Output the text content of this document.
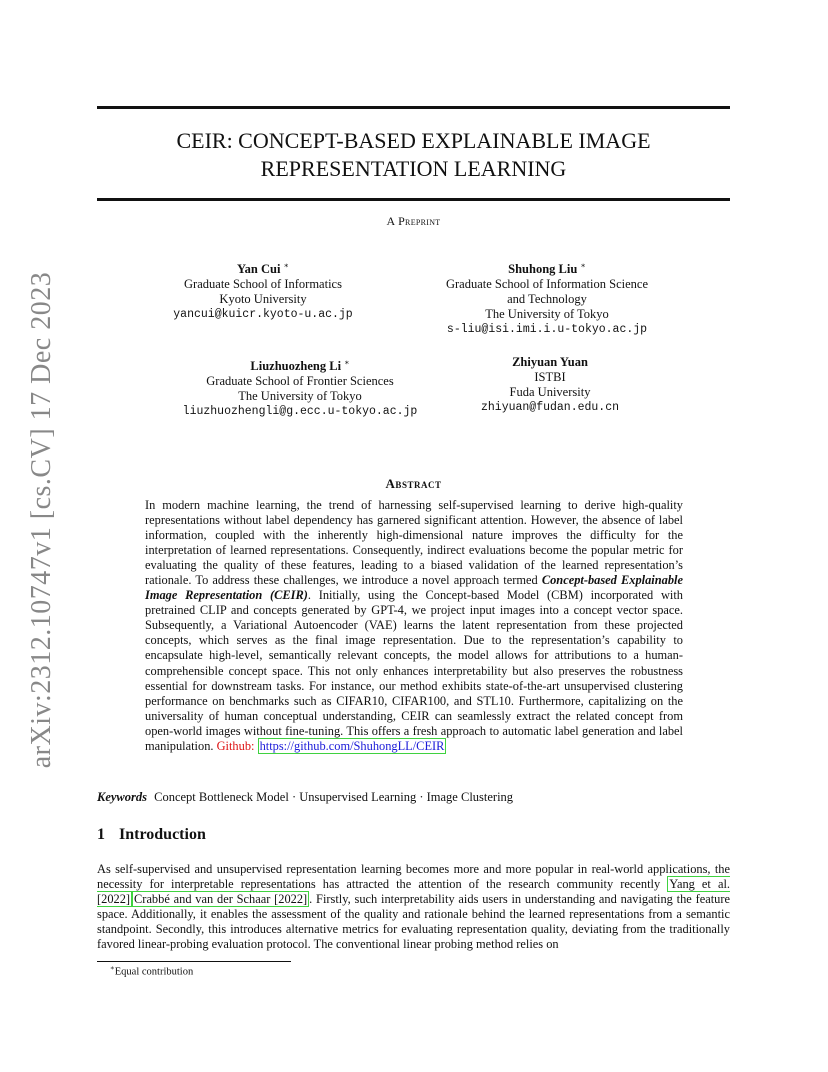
arXiv:2312.10747v1 [cs.CV] 17 Dec 2023
CEIR: CONCEPT-BASED EXPLAINABLE IMAGE
REPRESENTATION LEARNING
A Preprint
Yan Cui ∗
Graduate School of Informatics
Kyoto University
yancui@kuicr.kyoto-u.ac.jp
Shuhong Liu ∗
Graduate School of Information Science
and Technology
The University of Tokyo
s-liu@isi.imi.i.u-tokyo.ac.jp
Liuzhuozheng Li ∗
Graduate School of Frontier Sciences
The University of Tokyo
liuzhuozhengli@g.ecc.u-tokyo.ac.jp
Zhiyuan Yuan
ISTBI
Fuda University
zhiyuan@fudan.edu.cn
Abstract
In modern machine learning, the trend of harnessing self-supervised learning to derive high-quality representations without label dependency has garnered significant attention. However, the absence of label information, coupled with the inherently high-dimensional nature improves the difficulty for the interpretation of learned representations. Consequently, indirect evaluations become the popular metric for evaluating the quality of these features, leading to a biased validation of the learned representation’s rationale. To address these challenges, we introduce a novel approach termed Concept-based Explainable Image Representation (CEIR). Initially, using the Concept-based Model (CBM) incorporated with pretrained CLIP and concepts generated by GPT-4, we project input images into a concept vector space. Subsequently, a Variational Autoencoder (VAE) learns the latent representation from these projected concepts, which serves as the final image representation. Due to the representation’s capability to encapsulate high-level, semantically relevant concepts, the model allows for attributions to a human-comprehensible concept space. This not only enhances interpretability but also preserves the robustness essential for downstream tasks. For instance, our method exhibits state-of-the-art unsupervised clustering performance on benchmarks such as CIFAR10, CIFAR100, and STL10. Furthermore, capitalizing on the universality of human conceptual understanding, CEIR can seamlessly extract the related concept from open-world images without fine-tuning. This offers a fresh approach to automatic label generation and label manipulation. Github: https://github.com/ShuhongLL/CEIR
Keywords Concept Bottleneck Model · Unsupervised Learning · Image Clustering
1 Introduction
As self-supervised and unsupervised representation learning becomes more and more popular in real-world applications, the necessity for interpretable representations has attracted the attention of the research community recently Yang et al. [2022] Crabbé and van der Schaar [2022] . Firstly, such interpretability aids users in understanding and navigating the feature space. Additionally, it enables the assessment of the quality and rationale behind the learned representations from a semantic standpoint. Secondly, this introduces alternative metrics for evaluating representation quality, deviating from the traditionally favored linear-probing evaluation protocol. The conventional linear probing method relies on
∗Equal contribution
